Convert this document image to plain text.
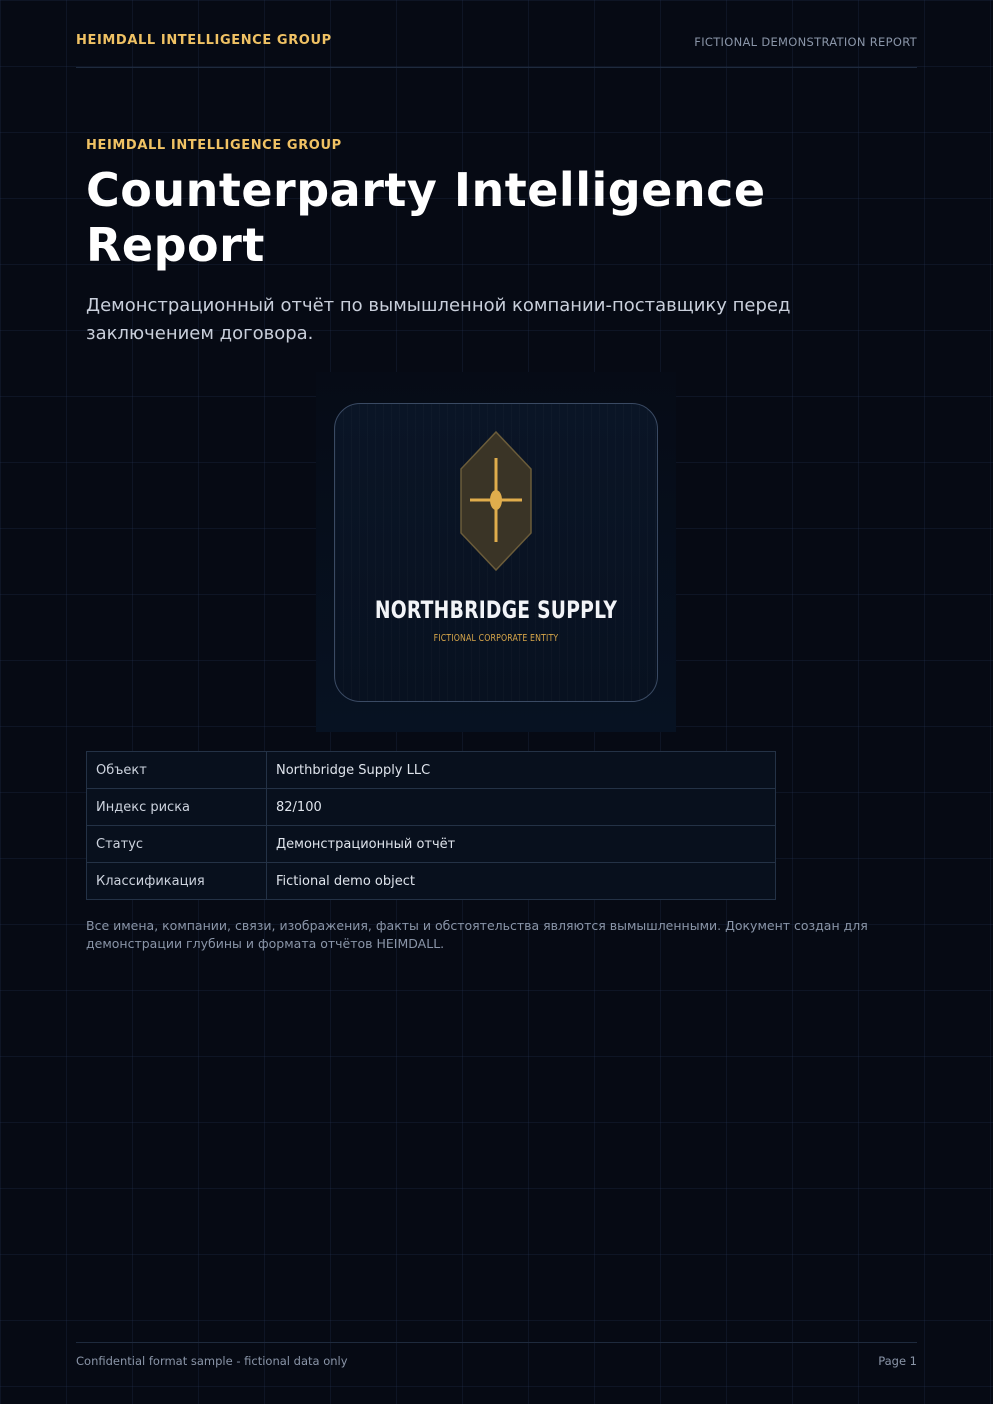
HEIMDALL INTELLIGENCE GROUP	FICTIONAL DEMONSTRATION REPORT
HEIMDALL INTELLIGENCE GROUP
Counterparty Intelligence Report

Демонстрационный отчёт по вымышленной компании-поставщику перед заключением договора.

NORTHBRIDGE SUPPLY
FICTIONAL CORPORATE ENTITY
Объект	Northbridge Supply LLC
Индекс риска	82/100
Статус	Демонстрационный отчёт
Классификация	Fictional demo object

Все имена, компании, связи, изображения, факты и обстоятельства являются вымышленными. Документ создан для демонстрации глубины и формата отчётов HEIMDALL.

Confidential format sample - fictional data only	Page 1
